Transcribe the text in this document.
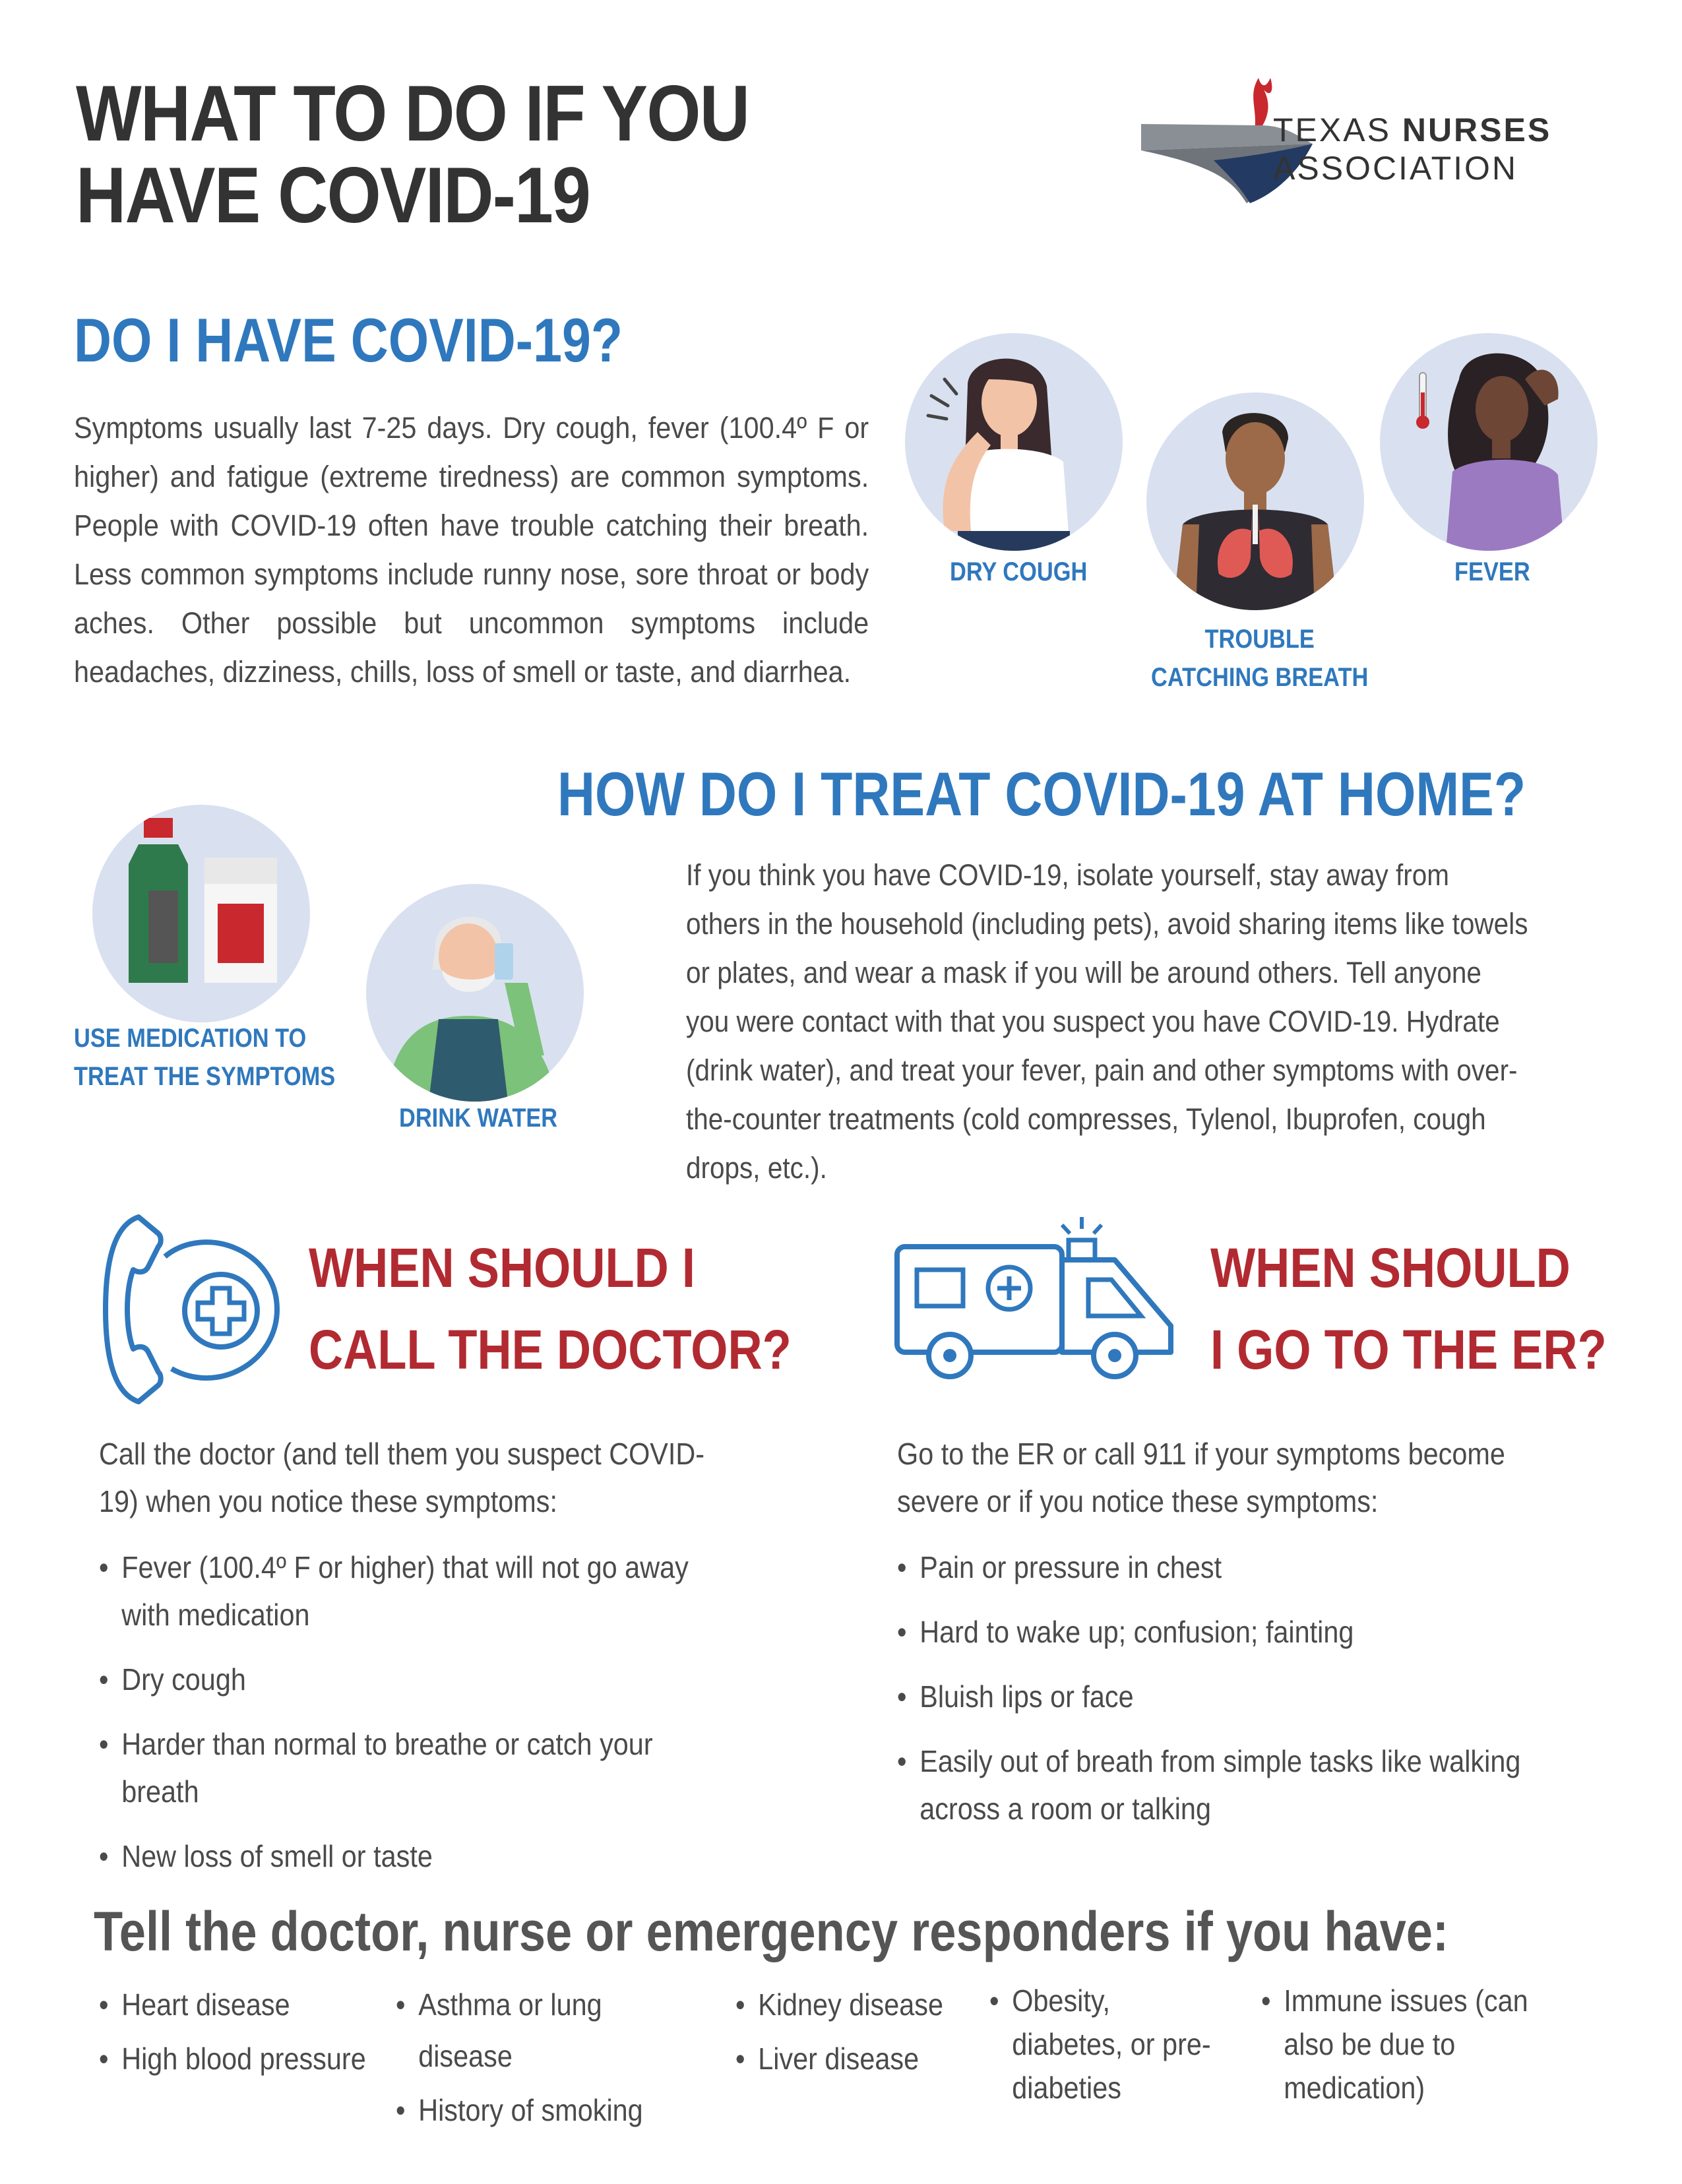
WHAT TO DO IF YOU
HAVE COVID-19
TEXAS NURSES
ASSOCIATION
DO I HAVE COVID-19?
Symptoms usually last 7-25 days. Dry cough, fever (100.4º F or higher) and fatigue (extreme tiredness) are common symptoms. People with COVID-19 often have trouble catching their breath. Less common symptoms include runny nose, sore throat or body aches. Other possible but uncommon symptoms include headaches, dizziness, chills, loss of smell or taste, and diarrhea.
DRY COUGH
TROUBLE
CATCHING BREATH
FEVER
HOW DO I TREAT COVID-19 AT HOME?
If you think you have COVID-19, isolate yourself, stay away from others in the household (including pets), avoid sharing items like towels or plates, and wear a mask if you will be around others. Tell anyone you were contact with that you suspect you have COVID-19. Hydrate (drink water), and treat your fever, pain and other symptoms with over-the-counter treatments (cold compresses, Tylenol, Ibuprofen, cough drops, etc.).
USE MEDICATION TO
TREAT THE SYMPTOMS
DRINK WATER
WHEN SHOULD I
CALL THE DOCTOR?
Call the doctor (and tell them you suspect COVID-19) when you notice these symptoms:
• Fever (100.4º F or higher) that will not go away with medication
• Dry cough
• Harder than normal to breathe or catch your breath
• New loss of smell or taste
WHEN SHOULD
I GO TO THE ER?
Go to the ER or call 911 if your symptoms become severe or if you notice these symptoms:
• Pain or pressure in chest
• Hard to wake up; confusion; fainting
• Bluish lips or face
• Easily out of breath from simple tasks like walking across a room or talking
Tell the doctor, nurse or emergency responders if you have:
• Heart disease
• High blood pressure
• Asthma or lung disease
• History of smoking
• Kidney disease
• Liver disease
• Obesity, diabetes, or pre-diabeties
• Immune issues (can also be due to medication)
